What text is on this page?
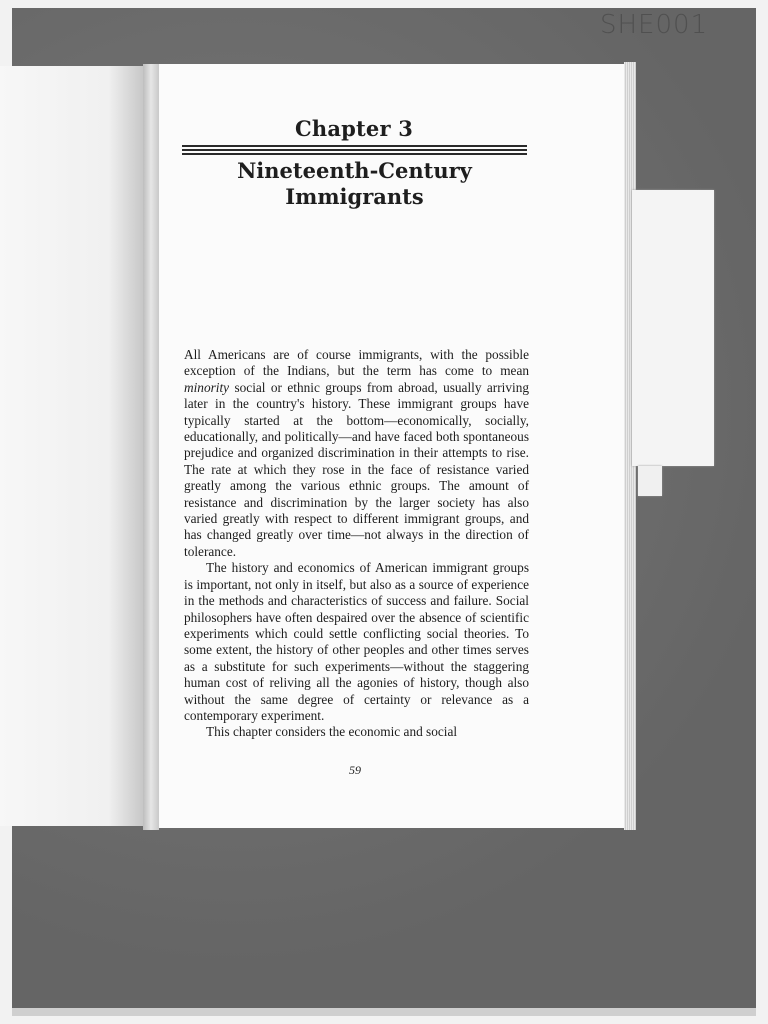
SHE001
Chapter 3
Nineteenth-Century
Immigrants

All Americans are of course immigrants, with the possible exception of the Indians, but the term has come to mean minority social or ethnic groups from abroad, usually arriving later in the country's history. These immigrant groups have typically started at the bottom—economically, socially, educationally, and politically—and have faced both spontaneous prejudice and organized discrimination in their attempts to rise. The rate at which they rose in the face of resistance varied greatly among the various ethnic groups. The amount of resistance and discrimination by the larger society has also varied greatly with respect to different immigrant groups, and has changed greatly over time—not always in the direction of tolerance.

The history and economics of American immigrant groups is important, not only in itself, but also as a source of experience in the methods and characteristics of success and failure. Social philosophers have often despaired over the absence of scientific experiments which could settle conflicting social theories. To some extent, the history of other peoples and other times serves as a substitute for such experiments—without the staggering human cost of reliving all the agonies of history, though also without the same degree of certainty or relevance as a contemporary experiment.

This chapter considers the economic and social

59
